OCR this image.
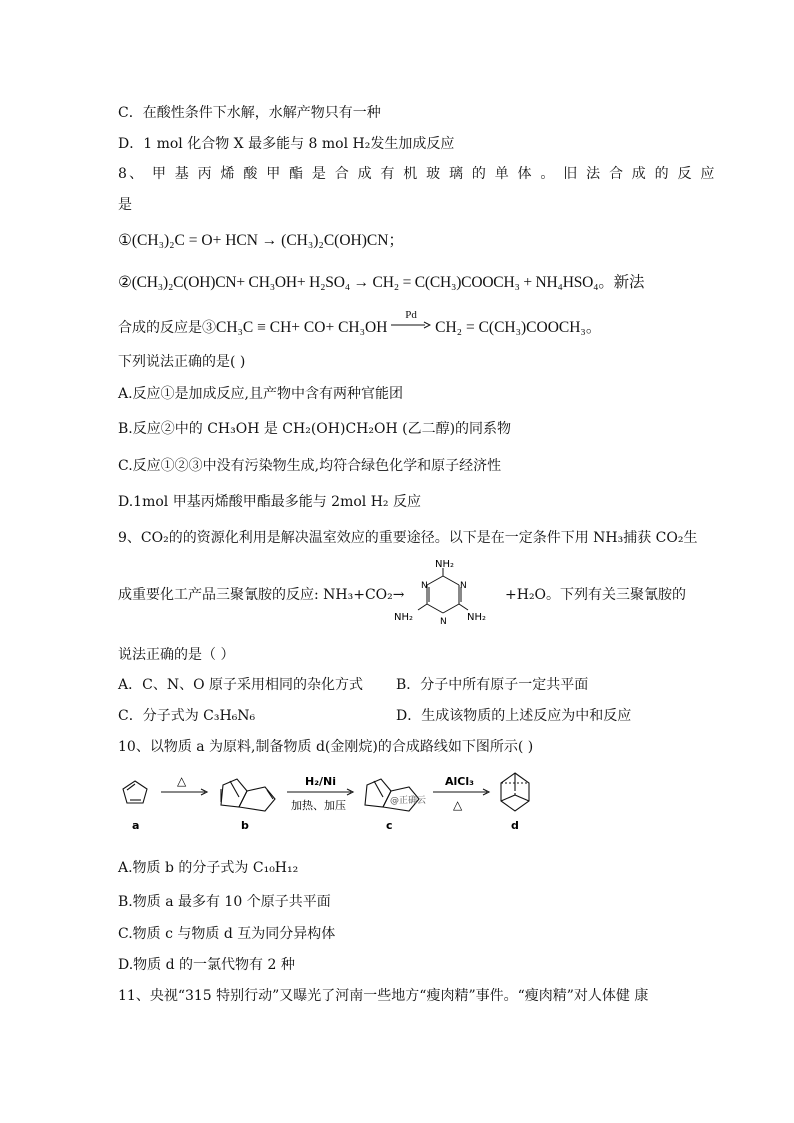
C．在酸性条件下水解，水解产物只有一种
D．1 mol 化合物 X 最多能与 8 mol H₂发生加成反应
8、 甲 基 丙 烯 酸 甲 酯 是 合 成 有 机 玻 璃 的 单 体 。 旧 法 合 成 的 反 应
是
①(CH₃)₂C = O+ HCN → (CH₃)₂C(OH)CN；
②(CH₃)₂C(OH)CN+ CH₃OH+ H₂SO₄ → CH₂ = C(CH₃)COOCH₃ + NH₄HSO₄。新法
合成的反应是③CH₃C ≡ CH+ CO+ CH₃OH
Pd
CH₂ = C(CH₃)COOCH₃。
下列说法正确的是( )
A.反应①是加成反应,且产物中含有两种官能团
B.反应②中的 CH₃OH 是 CH₂(OH)CH₂OH (乙二醇)的同系物
C.反应①②③中没有污染物生成,均符合绿色化学和原子经济性
D.1mol 甲基丙烯酸甲酯最多能与 2mol H₂ 反应
9、CO₂的的资源化利用是解决温室效应的重要途径。以下是在一定条件下用 NH₃捕获 CO₂生
成重要化工产品三聚氰胺的反应: NH₃+CO₂→
NH₂
NH₂	NH₂
N	N
N
+H₂O。下列有关三聚氰胺的
说法正确的是（ ）
A．C、N、O 原子采用相同的杂化方式 B．分子中所有原子一定共平面
C．分子式为 C₃H₆N₆	D．生成该物质的上述反应为中和反应
10、以物质 a 为原料,制备物质 d(金刚烷)的合成路线如下图所示( )
△	H₂/Ni
加热、加压	@正确云
AlCl₃
△
a	b	c	d
A.物质 b 的分子式为 C₁₀H₁₂
B.物质 a 最多有 10 个原子共平面
C.物质 c 与物质 d 互为同分异构体
D.物质 d 的一氯代物有 2 种
11、央视“315 特别行动”又曝光了河南一些地方“瘦肉精”事件。“瘦肉精”对人体健 康
